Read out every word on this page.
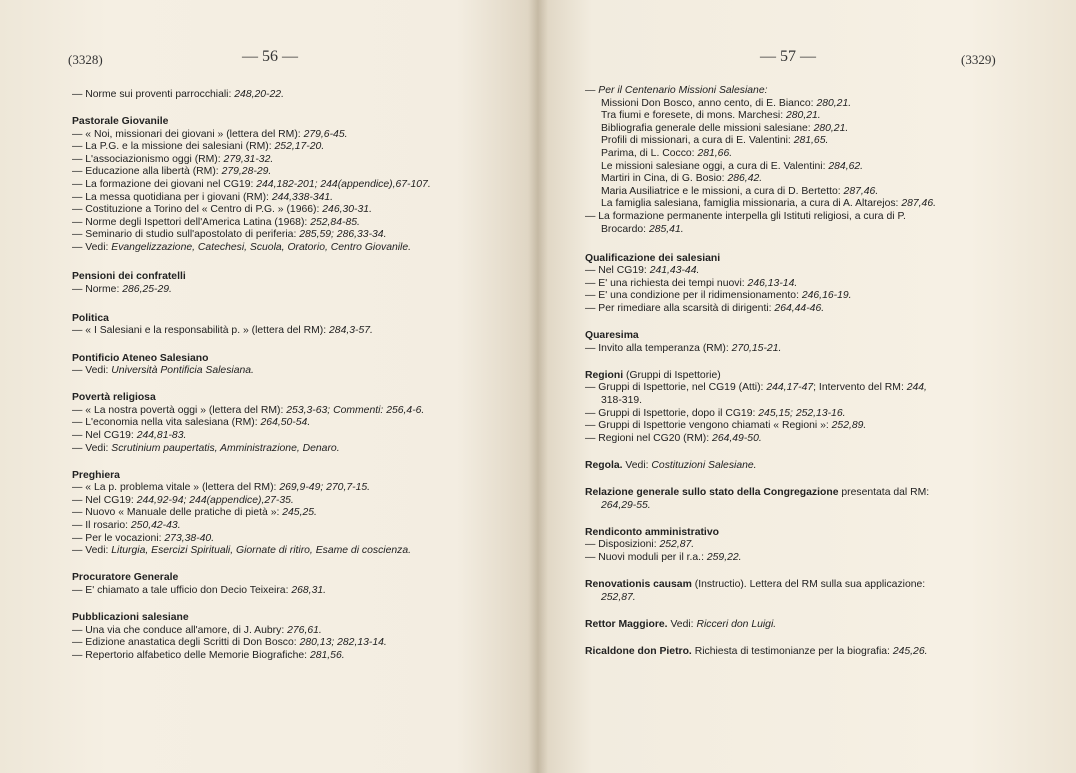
(3328)	— 56 —
— Norme sui proventi parrocchiali: 248,20-22.
Pastorale Giovanile
— « Noi, missionari dei giovani » (lettera del RM): 279,6-45.
— La P.G. e la missione dei salesiani (RM): 252,17-20.
— L'associazionismo oggi (RM): 279,31-32.
— Educazione alla libertà (RM): 279,28-29.
— La formazione dei giovani nel CG19: 244,182-201; 244(appendice),67-107.
— La messa quotidiana per i giovani (RM): 244,338-341.
— Costituzione a Torino del « Centro di P.G. » (1966): 246,30-31.
— Norme degli Ispettori dell'America Latina (1968): 252,84-85.
— Seminario di studio sull'apostolato di periferia: 285,59; 286,33-34.
— Vedi: Evangelizzazione, Catechesi, Scuola, Oratorio, Centro Giovanile.
Pensioni dei confratelli
— Norme: 286,25-29.
Politica
— « I Salesiani e la responsabilità p. » (lettera del RM): 284,3-57.
Pontificio Ateneo Salesiano
— Vedi: Università Pontificia Salesiana.
Povertà religiosa
— « La nostra povertà oggi » (lettera del RM): 253,3-63; Commenti: 256,4-6.
— L'economia nella vita salesiana (RM): 264,50-54.
— Nel CG19: 244,81-83.
— Vedi: Scrutinium paupertatis, Amministrazione, Denaro.
Preghiera
— « La p. problema vitale » (lettera del RM): 269,9-49; 270,7-15.
— Nel CG19: 244,92-94; 244(appendice),27-35.
— Nuovo « Manuale delle pratiche di pietà »: 245,25.
— Il rosario: 250,42-43.
— Per le vocazioni: 273,38-40.
— Vedi: Liturgia, Esercizi Spirituali, Giornate di ritiro, Esame di coscienza.
Procuratore Generale
— E' chiamato a tale ufficio don Decio Teixeira: 268,31.
Pubblicazioni salesiane
— Una via che conduce all'amore, di J. Aubry: 276,61.
— Edizione anastatica degli Scritti di Don Bosco: 280,13; 282,13-14.
— Repertorio alfabetico delle Memorie Biografiche: 281,56.
— 57 —	(3329)
— Per il Centenario Missioni Salesiane:
Missioni Don Bosco, anno cento, di E. Bianco: 280,21.
Tra fiumi e foresete, di mons. Marchesi: 280,21.
Bibliografia generale delle missioni salesiane: 280,21.
Profili di missionari, a cura di E. Valentini: 281,65.
Parima, di L. Cocco: 281,66.
Le missioni salesiane oggi, a cura di E. Valentini: 284,62.
Martiri in Cina, di G. Bosio: 286,42.
Maria Ausiliatrice e le missioni, a cura di D. Bertetto: 287,46.
La famiglia salesiana, famiglia missionaria, a cura di A. Altarejos: 287,46.
— La formazione permanente interpella gli Istituti religiosi, a cura di P.
Brocardo: 285,41.
Qualificazione dei salesiani
— Nel CG19: 241,43-44.
— E' una richiesta dei tempi nuovi: 246,13-14.
— E' una condizione per il ridimensionamento: 246,16-19.
— Per rimediare alla scarsità di dirigenti: 264,44-46.
Quaresima
— Invito alla temperanza (RM): 270,15-21.
Regioni (Gruppi di Ispettorie)
— Gruppi di Ispettorie, nel CG19 (Atti): 244,17-47; Intervento del RM: 244,
318-319.
— Gruppi di Ispettorie, dopo il CG19: 245,15; 252,13-16.
— Gruppi di Ispettorie vengono chiamati « Regioni »: 252,89.
— Regioni nel CG20 (RM): 264,49-50.
Regola. Vedi: Costituzioni Salesiane.
Relazione generale sullo stato della Congregazione presentata dal RM:
264,29-55.
Rendiconto amministrativo
— Disposizioni: 252,87.
— Nuovi moduli per il r.a.: 259,22.
Renovationis causam (Instructio). Lettera del RM sulla sua applicazione:
252,87.
Rettor Maggiore. Vedi: Ricceri don Luigi.
Ricaldone don Pietro. Richiesta di testimonianze per la biografia: 245,26.
